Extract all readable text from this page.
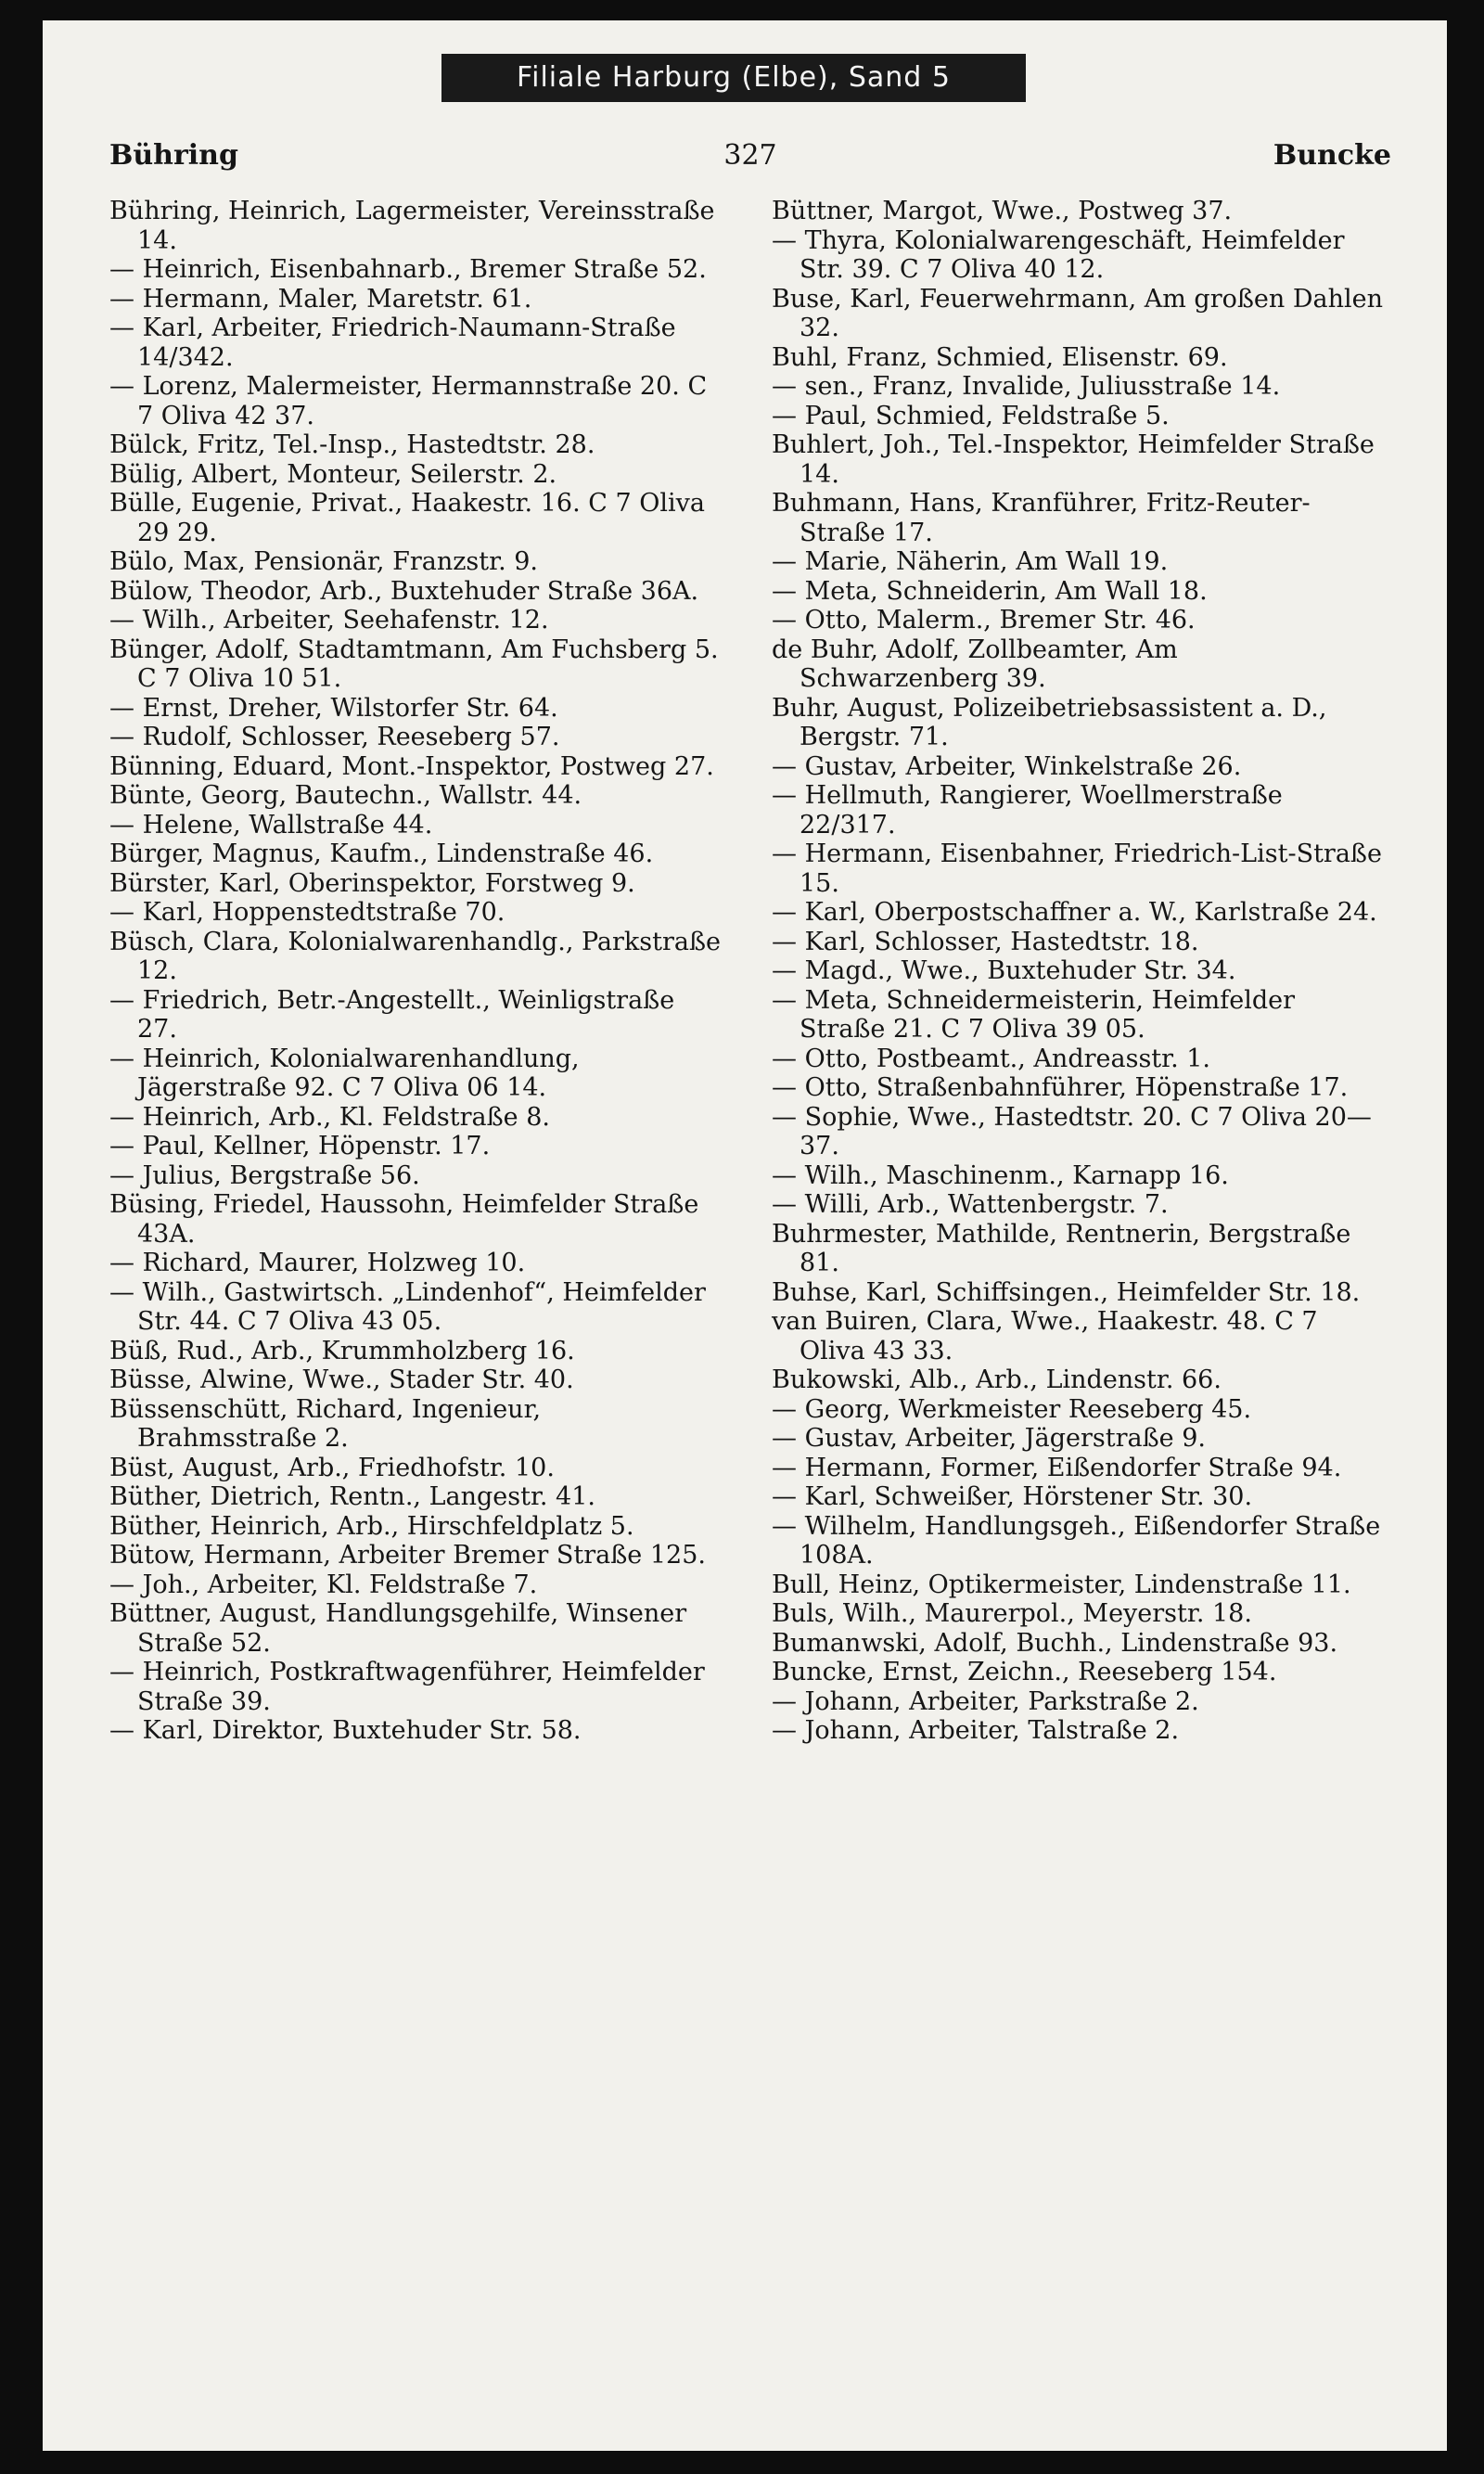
Filiale Harburg (Elbe), Sand 5
Bühring	327	Buncke
Bühring, Heinrich, Lagermeister, Vereinsstraße 14.
— Heinrich, Eisenbahnarb., Bremer Straße 52.
— Hermann, Maler, Maretstr. 61.
— Karl, Arbeiter, Friedrich-Naumann-Straße 14/342.
— Lorenz, Malermeister, Hermannstraße 20. C 7 Oliva 42 37.
Bülck, Fritz, Tel.-Insp., Hastedtstr. 28.
Bülig, Albert, Monteur, Seilerstr. 2.
Bülle, Eugenie, Privat., Haakestr. 16. C 7 Oliva 29 29.
Bülo, Max, Pensionär, Franzstr. 9.
Bülow, Theodor, Arb., Buxtehuder Straße 36A.
— Wilh., Arbeiter, Seehafenstr. 12.
Bünger, Adolf, Stadtamtmann, Am Fuchsberg 5. C 7 Oliva 10 51.
— Ernst, Dreher, Wilstorfer Str. 64.
— Rudolf, Schlosser, Reeseberg 57.
Bünning, Eduard, Mont.-Inspektor, Postweg 27.
Bünte, Georg, Bautechn., Wallstr. 44.
— Helene, Wallstraße 44.
Bürger, Magnus, Kaufm., Lindenstraße 46.
Bürster, Karl, Oberinspektor, Forstweg 9.
— Karl, Hoppenstedtstraße 70.
Büsch, Clara, Kolonialwarenhandlg., Parkstraße 12.
— Friedrich, Betr.-Angestellt., Weinligstraße 27.
— Heinrich, Kolonialwarenhandlung, Jägerstraße 92. C 7 Oliva 06 14.
— Heinrich, Arb., Kl. Feldstraße 8.
— Paul, Kellner, Höpenstr. 17.
— Julius, Bergstraße 56.
Büsing, Friedel, Haussohn, Heimfelder Straße 43A.
— Richard, Maurer, Holzweg 10.
— Wilh., Gastwirtsch. „Lindenhof“, Heimfelder Str. 44. C 7 Oliva 43 05.
Büß, Rud., Arb., Krummholzberg 16.
Büsse, Alwine, Wwe., Stader Str. 40.
Büssenschütt, Richard, Ingenieur, Brahmsstraße 2.
Büst, August, Arb., Friedhofstr. 10.
Büther, Dietrich, Rentn., Langestr. 41.
Büther, Heinrich, Arb., Hirschfeldplatz 5.
Bütow, Hermann, Arbeiter Bremer Straße 125.
— Joh., Arbeiter, Kl. Feldstraße 7.
Büttner, August, Handlungsgehilfe, Winsener Straße 52.
— Heinrich, Postkraftwagenführer, Heimfelder Straße 39.
— Karl, Direktor, Buxtehuder Str. 58.
Büttner, Margot, Wwe., Postweg 37.
— Thyra, Kolonialwarengeschäft, Heimfelder Str. 39. C 7 Oliva 40 12.
Buse, Karl, Feuerwehrmann, Am großen Dahlen 32.
Buhl, Franz, Schmied, Elisenstr. 69.
— sen., Franz, Invalide, Juliusstraße 14.
— Paul, Schmied, Feldstraße 5.
Buhlert, Joh., Tel.-Inspektor, Heimfelder Straße 14.
Buhmann, Hans, Kranführer, Fritz-Reuter-Straße 17.
— Marie, Näherin, Am Wall 19.
— Meta, Schneiderin, Am Wall 18.
— Otto, Malerm., Bremer Str. 46.
de Buhr, Adolf, Zollbeamter, Am Schwarzenberg 39.
Buhr, August, Polizeibetriebsassistent a. D., Bergstr. 71.
— Gustav, Arbeiter, Winkelstraße 26.
— Hellmuth, Rangierer, Woellmerstraße 22/317.
— Hermann, Eisenbahner, Friedrich-List-Straße 15.
— Karl, Oberpostschaffner a. W., Karlstraße 24.
— Karl, Schlosser, Hastedtstr. 18.
— Magd., Wwe., Buxtehuder Str. 34.
— Meta, Schneidermeisterin, Heimfelder Straße 21. C 7 Oliva 39 05.
— Otto, Postbeamt., Andreasstr. 1.
— Otto, Straßenbahnführer, Höpenstraße 17.
— Sophie, Wwe., Hastedtstr. 20. C 7 Oliva 20—37.
— Wilh., Maschinenm., Karnapp 16.
— Willi, Arb., Wattenbergstr. 7.
Buhrmester, Mathilde, Rentnerin, Bergstraße 81.
Buhse, Karl, Schiffsingen., Heimfelder Str. 18.
van Buiren, Clara, Wwe., Haakestr. 48. C 7 Oliva 43 33.
Bukowski, Alb., Arb., Lindenstr. 66.
— Georg, Werkmeister Reeseberg 45.
— Gustav, Arbeiter, Jägerstraße 9.
— Hermann, Former, Eißendorfer Straße 94.
— Karl, Schweißer, Hörstener Str. 30.
— Wilhelm, Handlungsgeh., Eißendorfer Straße 108A.
Bull, Heinz, Optikermeister, Lindenstraße 11.
Buls, Wilh., Maurerpol., Meyerstr. 18.
Bumanwski, Adolf, Buchh., Lindenstraße 93.
Buncke, Ernst, Zeichn., Reeseberg 154.
— Johann, Arbeiter, Parkstraße 2.
— Johann, Arbeiter, Talstraße 2.
